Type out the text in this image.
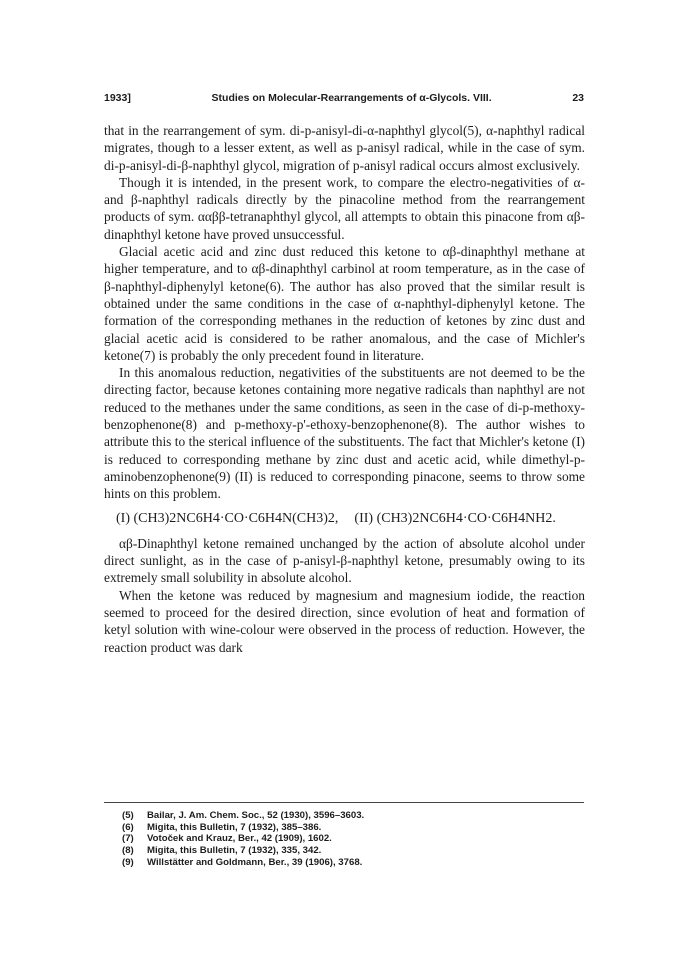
1933]	Studies on Molecular-Rearrangements of α-Glycols. VIII.	23

that in the rearrangement of sym. di-p-anisyl-di-α-naphthyl glycol(5), α-naphthyl radical migrates, though to a lesser extent, as well as p-anisyl radical, while in the case of sym. di-p-anisyl-di-β-naphthyl glycol, migration of p-anisyl radical occurs almost exclusively.

Though it is intended, in the present work, to compare the electro-negativities of α- and β-naphthyl radicals directly by the pinacoline method from the rearrangement products of sym. ααββ-tetranaphthyl glycol, all attempts to obtain this pinacone from αβ-dinaphthyl ketone have proved unsuccessful.

Glacial acetic acid and zinc dust reduced this ketone to αβ-dinaphthyl methane at higher temperature, and to αβ-dinaphthyl carbinol at room temperature, as in the case of β-naphthyl-diphenylyl ketone(6). The author has also proved that the similar result is obtained under the same conditions in the case of α-naphthyl-diphenylyl ketone. The formation of the corresponding methanes in the reduction of ketones by zinc dust and glacial acetic acid is considered to be rather anomalous, and the case of Michler's ketone(7) is probably the only precedent found in literature.

In this anomalous reduction, negativities of the substituents are not deemed to be the directing factor, because ketones containing more negative radicals than naphthyl are not reduced to the methanes under the same conditions, as seen in the case of di-p-methoxy-benzophenone(8) and p-methoxy-p'-ethoxy-benzophenone(8). The author wishes to attribute this to the sterical influence of the substituents. The fact that Michler's ketone (I) is reduced to corresponding methane by zinc dust and acetic acid, while dimethyl-p-aminobenzophenone(9) (II) is reduced to corresponding pinacone, seems to throw some hints on this problem.

(I) (CH3)2NC6H4·CO·C6H4N(CH3)2, (II) (CH3)2NC6H4·CO·C6H4NH2.

αβ-Dinaphthyl ketone remained unchanged by the action of absolute alcohol under direct sunlight, as in the case of p-anisyl-β-naphthyl ketone, presumably owing to its extremely small solubility in absolute alcohol.

When the ketone was reduced by magnesium and magnesium iodide, the reaction seemed to proceed for the desired direction, since evolution of heat and formation of ketyl solution with wine-colour were observed in the process of reduction. However, the reaction product was dark

(5)	Bailar, J. Am. Chem. Soc., 52 (1930), 3596–3603.
(6)	Migita, this Bulletin, 7 (1932), 385–386.
(7)	Votoček and Krauz, Ber., 42 (1909), 1602.
(8)	Migita, this Bulletin, 7 (1932), 335, 342.
(9)	Willstätter and Goldmann, Ber., 39 (1906), 3768.
